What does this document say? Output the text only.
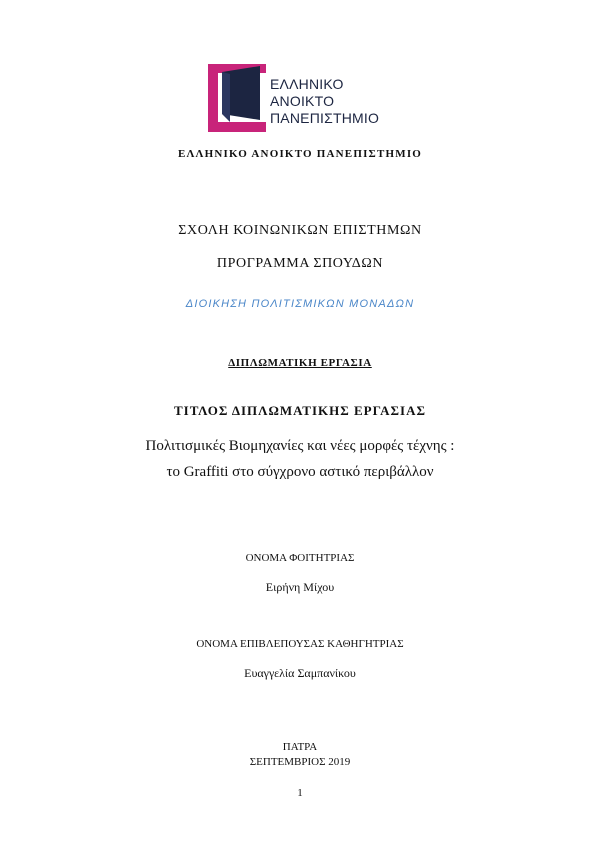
ΕΛΛΗΝΙΚΟ
ΑΝΟΙΚΤΟ
ΠΑΝΕΠΙΣΤΗΜΙΟ
ΕΛΛΗΝΙΚΟ ΑΝΟΙΚΤΟ ΠΑΝΕΠΙΣΤΗΜΙΟ
ΣΧΟΛΗ ΚΟΙΝΩΝΙΚΩΝ ΕΠΙΣΤΗΜΩΝ
ΠΡΟΓΡΑΜΜΑ ΣΠΟΥΔΩΝ
ΔΙΟΙΚΗΣΗ ΠΟΛΙΤΙΣΜΙΚΩΝ ΜΟΝΑΔΩΝ
ΔΙΠΛΩΜΑΤΙΚΗ ΕΡΓΑΣΙΑ
ΤΙΤΛΟΣ ΔΙΠΛΩΜΑΤΙΚΗΣ ΕΡΓΑΣΙΑΣ
Πολιτισμικές Βιομηχανίες και νέες μορφές τέχνης :
το Graffiti στο σύγχρονο αστικό περιβάλλον
ΟΝΟΜΑ ΦΟΙΤΗΤΡΙΑΣ
Ειρήνη Μίχου
ΟΝΟΜΑ ΕΠΙΒΛΕΠΟΥΣΑΣ ΚΑΘΗΓΗΤΡΙΑΣ
Ευαγγελία Σαμπανίκου
ΠΑΤΡΑ
ΣΕΠΤΕΜΒΡΙΟΣ 2019
1
